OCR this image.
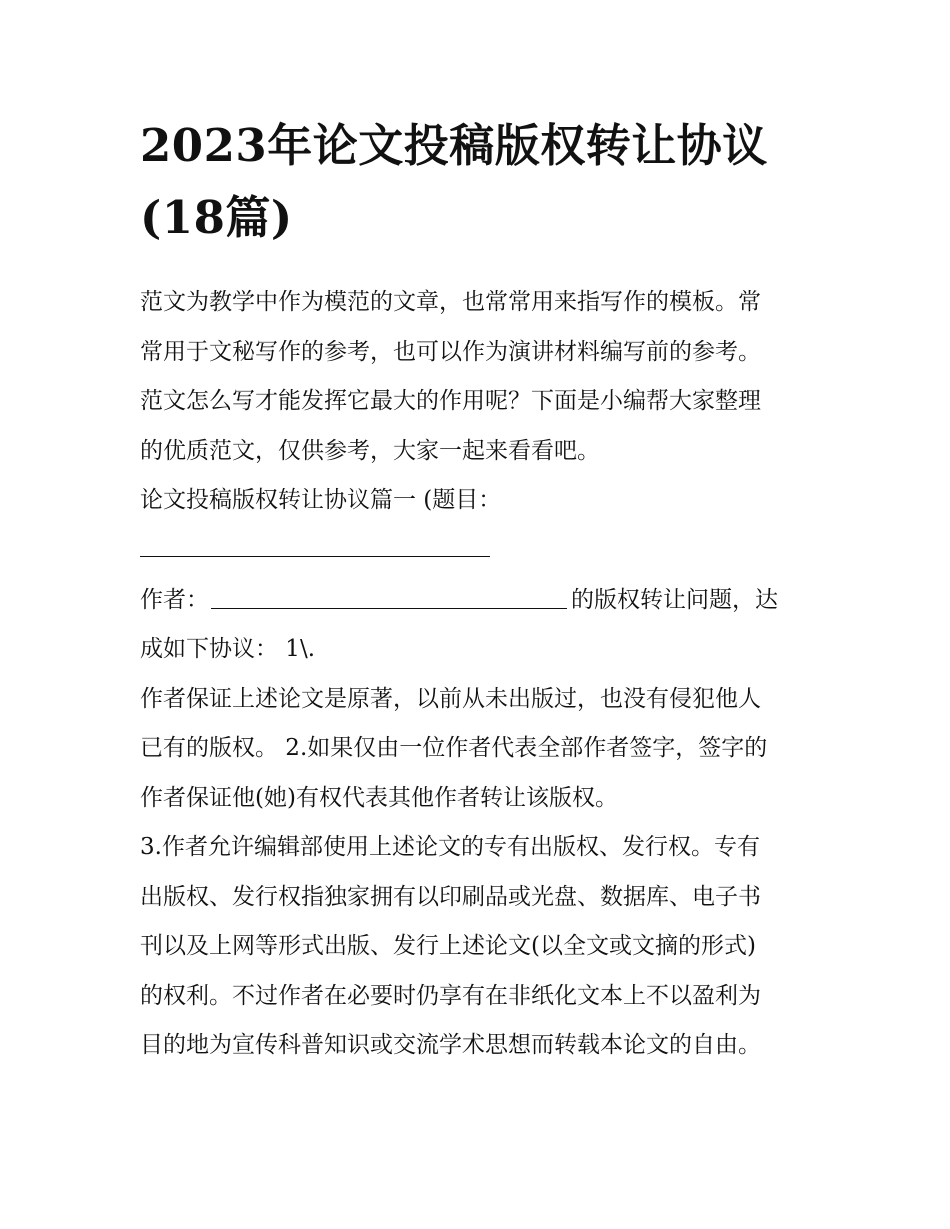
2023年论文投稿版权转让协议
(18篇)

范文为教学中作为模范的文章，也常常用来指写作的模板。常
常用于文秘写作的参考，也可以作为演讲材料编写前的参考。
范文怎么写才能发挥它最大的作用呢？下面是小编帮大家整理
的优质范文，仅供参考，大家一起来看看吧。

论文投稿版权转让协议篇一 (题目：

作者：	的版权转让问题，达
成如下协议： 1\.

作者保证上述论文是原著，以前从未出版过，也没有侵犯他人
已有的版权。 2.如果仅由一位作者代表全部作者签字，签字的
作者保证他(她)有权代表其他作者转让该版权。

3.作者允许编辑部使用上述论文的专有出版权、发行权。专有
出版权、发行权指独家拥有以印刷品或光盘、数据库、电子书
刊以及上网等形式出版、发行上述论文(以全文或文摘的形式)
的权利。不过作者在必要时仍享有在非纸化文本上不以盈利为
目的地为宣传科普知识或交流学术思想而转载本论文的自由。
